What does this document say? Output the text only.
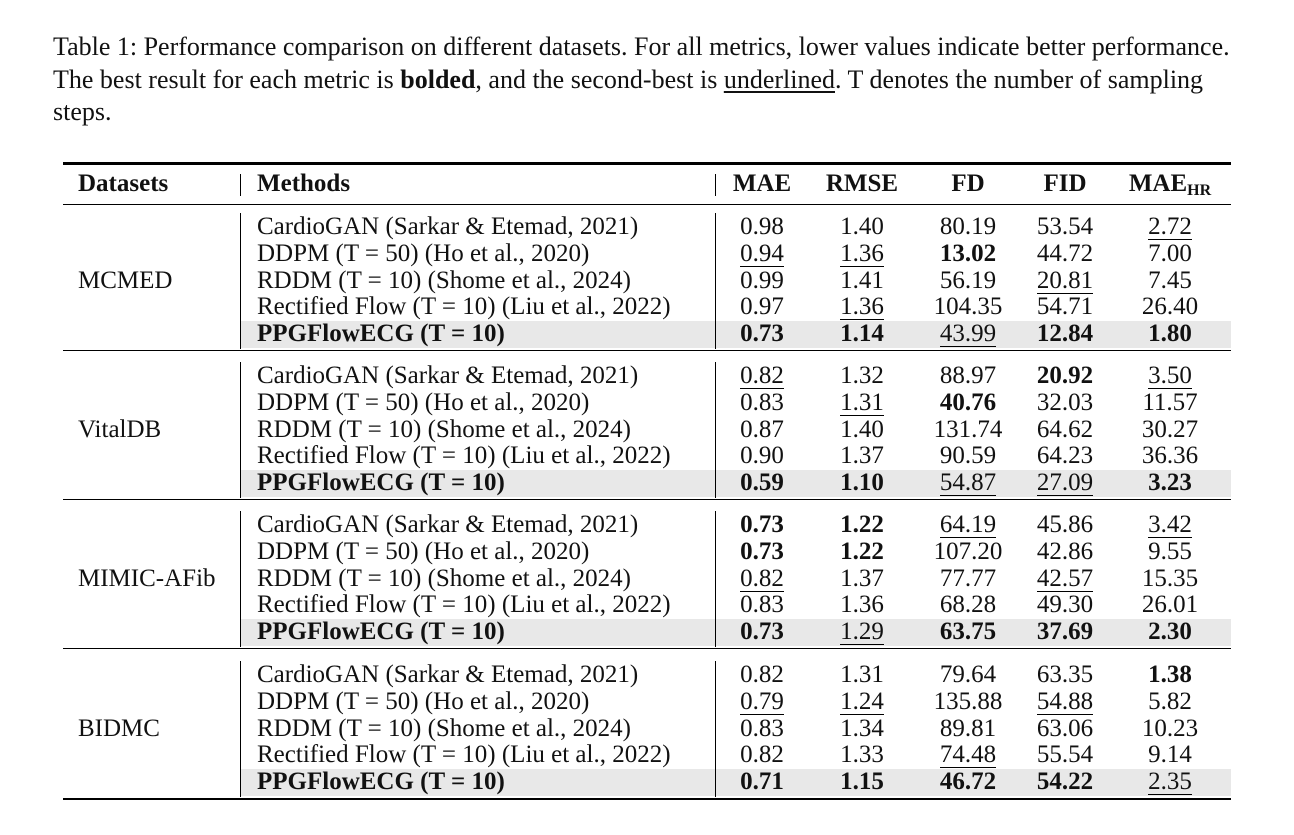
Table 1: Performance comparison on different datasets. For all metrics, lower values indicate better performance. The best result for each metric is bolded, and the second-best is underlined. T denotes the number of sampling steps.
Datasets	Methods	MAE	RMSE	FD	FID	$MAE_{HR}$
MCMED
CardioGAN (Sarkar & Etemad, 2021)	0.98	1.40	80.19	53.54	2.72
DDPM (T = 50) (Ho et al., 2020)	0.94	1.36	13.02	44.72	7.00
RDDM (T = 10) (Shome et al., 2024)	0.99	1.41	56.19	20.81	7.45
Rectified Flow (T = 10) (Liu et al., 2022)	0.97	1.36	104.35	54.71	26.40
PPGFlowECG (T = 10)	0.73	1.14	43.99	12.84	1.80
VitalDB
CardioGAN (Sarkar & Etemad, 2021)	0.82	1.32	88.97	20.92	3.50
DDPM (T = 50) (Ho et al., 2020)	0.83	1.31	40.76	32.03	11.57
RDDM (T = 10) (Shome et al., 2024)	0.87	1.40	131.74	64.62	30.27
Rectified Flow (T = 10) (Liu et al., 2022)	0.90	1.37	90.59	64.23	36.36
PPGFlowECG (T = 10)	0.59	1.10	54.87	27.09	3.23
MIMIC-AFib
CardioGAN (Sarkar & Etemad, 2021)	0.73	1.22	64.19	45.86	3.42
DDPM (T = 50) (Ho et al., 2020)	0.73	1.22	107.20	42.86	9.55
RDDM (T = 10) (Shome et al., 2024)	0.82	1.37	77.77	42.57	15.35
Rectified Flow (T = 10) (Liu et al., 2022)	0.83	1.36	68.28	49.30	26.01
PPGFlowECG (T = 10)	0.73	1.29	63.75	37.69	2.30
BIDMC
CardioGAN (Sarkar & Etemad, 2021)	0.82	1.31	79.64	63.35	1.38
DDPM (T = 50) (Ho et al., 2020)	0.79	1.24	135.88	54.88	5.82
RDDM (T = 10) (Shome et al., 2024)	0.83	1.34	89.81	63.06	10.23
Rectified Flow (T = 10) (Liu et al., 2022)	0.82	1.33	74.48	55.54	9.14
PPGFlowECG (T = 10)	0.71	1.15	46.72	54.22	2.35
